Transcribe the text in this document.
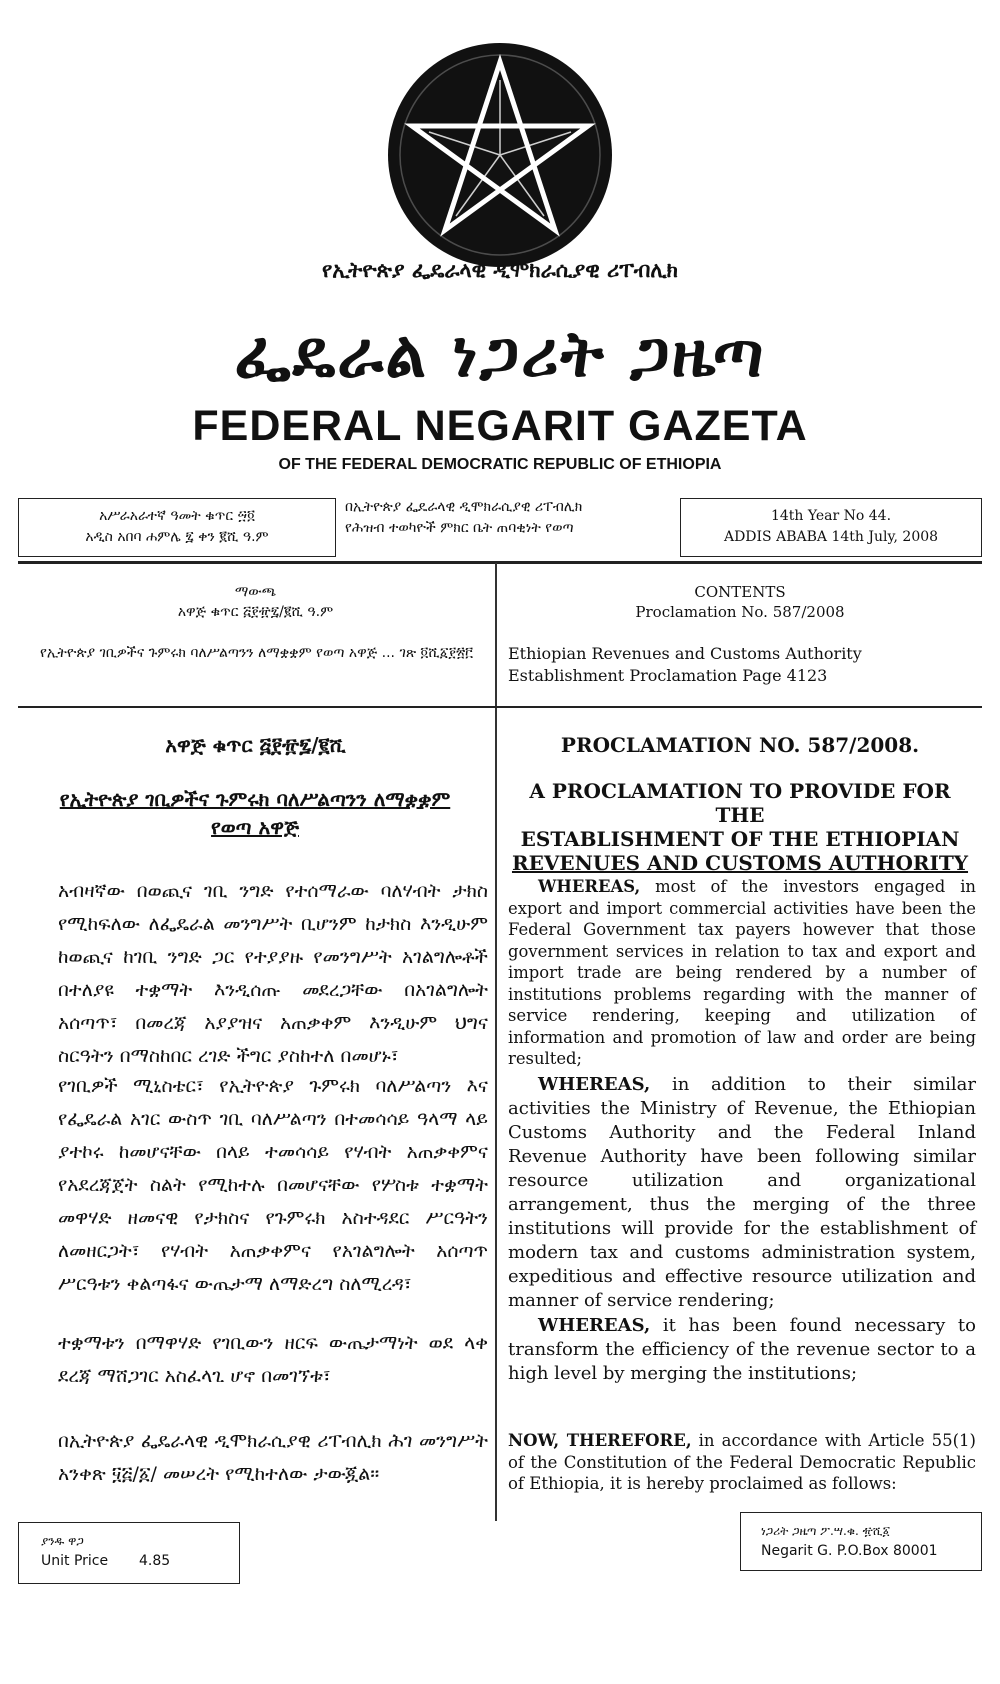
የኢትዮጵያ ፌዴራላዊ ዲሞክራሲያዊ ሪፐብሊክ
ፌዴራል ነጋሪት ጋዜጣ
FEDERAL NEGARIT GAZETA
OF THE FEDERAL DEMOCRATIC REPUBLIC OF ETHIOPIA
አሥራአራተኛ ዓመት ቁጥር ፵፬
አዲስ አበባ ሐምሌ ፯ ቀን ፪ሺ ዓ.ም
በኢትዮጵያ ፌዴራላዊ ዲሞክራሲያዊ ሪፐብሊክ
የሕዝብ ተወካዮች ምክር ቤት ጠባቂነት የወጣ
14th Year No 44.
ADDIS ABABA 14th July, 2008
ማውጫ
አዋጅ ቁጥር ፭፻፹፯/፪ሺ ዓ.ም
የኢትዮጵያ ገቢዎችና ጉምሩክ ባለሥልጣንን ለማቋቋም የወጣ አዋጅ ... ገጽ ፬ሺ፩፻፳፫
CONTENTS
Proclamation No. 587/2008
Ethiopian Revenues and Customs Authority Establishment Proclamation Page 4123
አዋጅ ቁጥር ፭፻፹፯/፪ሺ
የኢትዮጵያ ገቢዎችና ጉምሩክ ባለሥልጣንን ለማቋቋም የወጣ አዋጅ
አብዛኛው በወጪና ገቢ ንግድ የተሰማራው ባለሃብት ታክስ የሚከፍለው ለፌዴራል መንግሥት ቢሆንም ከታክስ እንዲሁም ከወጪና ከገቢ ንግድ ጋር የተያያዙ የመንግሥት አገልግሎቶች በተለያዩ ተቋማት እንዲሰጡ መደረጋቸው በአገልግሎት አሰጣጥ፣ በመረጃ አያያዝና አጠቃቀም እንዲሁም ህግና ስርዓትን በማስከበር ረገድ ችግር ያስከተለ በመሆኑ፣
የገቢዎች ሚኒስቴር፣ የኢትዮጵያ ጉምሩክ ባለሥልጣን እና የፌዴራል አገር ውስጥ ገቢ ባለሥልጣን በተመሳሳይ ዓላማ ላይ ያተኮሩ ከመሆናቸው በላይ ተመሳሳይ የሃብት አጠቃቀምና የአደረጃጀት ስልት የሚከተሉ በመሆናቸው የሦስቱ ተቋማት መዋሃድ ዘመናዊ የታክስና የጉምሩክ አስተዳደር ሥርዓትን ለመዘርጋት፣ የሃብት አጠቃቀምና የአገልግሎት አሰጣጥ ሥርዓቱን ቀልጣፋና ውጤታማ ለማድረግ ስለሚረዳ፣
ተቋማቱን በማዋሃድ የገቢውን ዘርፍ ውጤታማነት ወደ ላቀ ደረጃ ማሸጋገር አስፈላጊ ሆኖ በመገኘቱ፣
በኢትዮጵያ ፌዴራላዊ ዲሞክራሲያዊ ሪፐብሊክ ሕገ መንግሥት አንቀጽ ፶፭/፩/ መሠረት የሚከተለው ታውጇል።
PROCLAMATION NO. 587/2008.
A PROCLAMATION TO PROVIDE FOR THE
ESTABLISHMENT OF THE ETHIOPIAN
REVENUES AND CUSTOMS AUTHORITY
WHEREAS, most of the investors engaged in export and import commercial activities have been the Federal Government tax payers however that those government services in relation to tax and export and import trade are being rendered by a number of institutions problems regarding with the manner of service rendering, keeping and utilization of information and promotion of law and order are being resulted;
WHEREAS, in addition to their similar activities the Ministry of Revenue, the Ethiopian Customs Authority and the Federal Inland Revenue Authority have been following similar resource utilization and organizational arrangement, thus the merging of the three institutions will provide for the establishment of modern tax and customs administration system, expeditious and effective resource utilization and manner of service rendering;
WHEREAS, it has been found necessary to transform the efficiency of the revenue sector to a high level by merging the institutions;
NOW, THEREFORE, in accordance with Article 55(1) of the Constitution of the Federal Democratic Republic of Ethiopia, it is hereby proclaimed as follows:
ያንዱ ዋጋ
Unit Price 4.85
ነጋሪት ጋዜጣ ፖ.ሣ.ቁ. ፹ሺ፩
Negarit G. P.O.Box 80001
